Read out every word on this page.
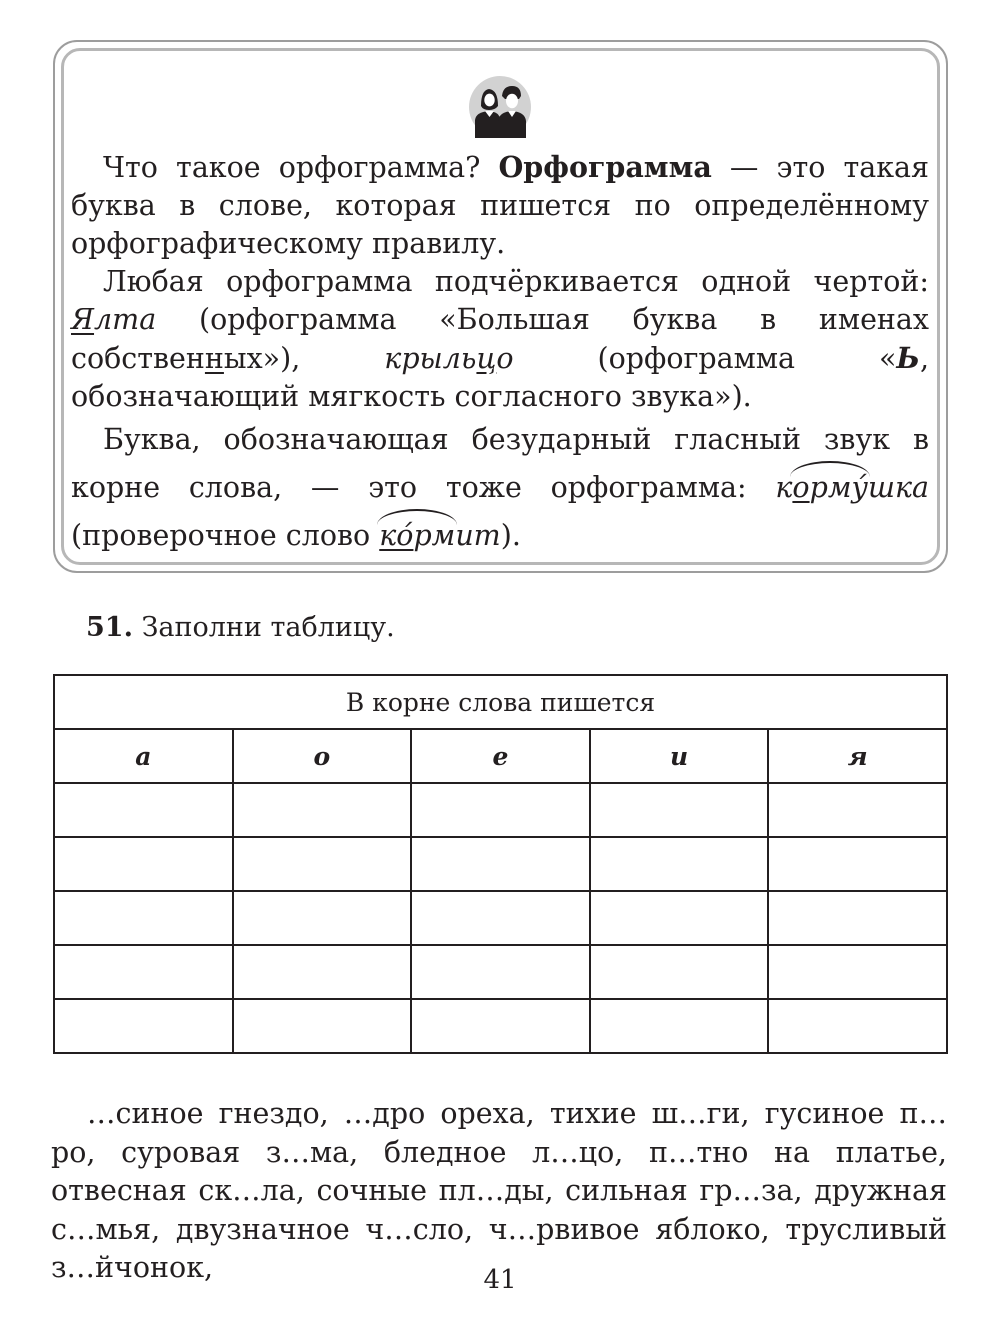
Что такое орфограмма? Орфограмма — это такая буква в слове, которая пишется по определённому орфографическому правилу.

Любая орфограмма подчёркивается одной чертой: Ялта (орфограмма «Большая буква в именах собственных»), крыльцо (орфограмма «Ь, обозначающий мягкость согласного звука»).

Буква, обозначающая безударный гласный звук в корне слова, — это тоже орфограмма: корму́шка (проверочное слово ко́рмит).

51. Заполни таблицу.

В корне слова пишется				
а	о	е	и	я

…синое гнездо, …дро ореха, тихие ш…ги, гусиное п…ро, суровая з…ма, бледное л…цо, п…тно на платье, отвесная ск…ла, сочные пл…ды, сильная гр…за, дружная с…мья, двузначное ч…сло, ч…рвивое яблоко, трусливый з…йчонок,	41
